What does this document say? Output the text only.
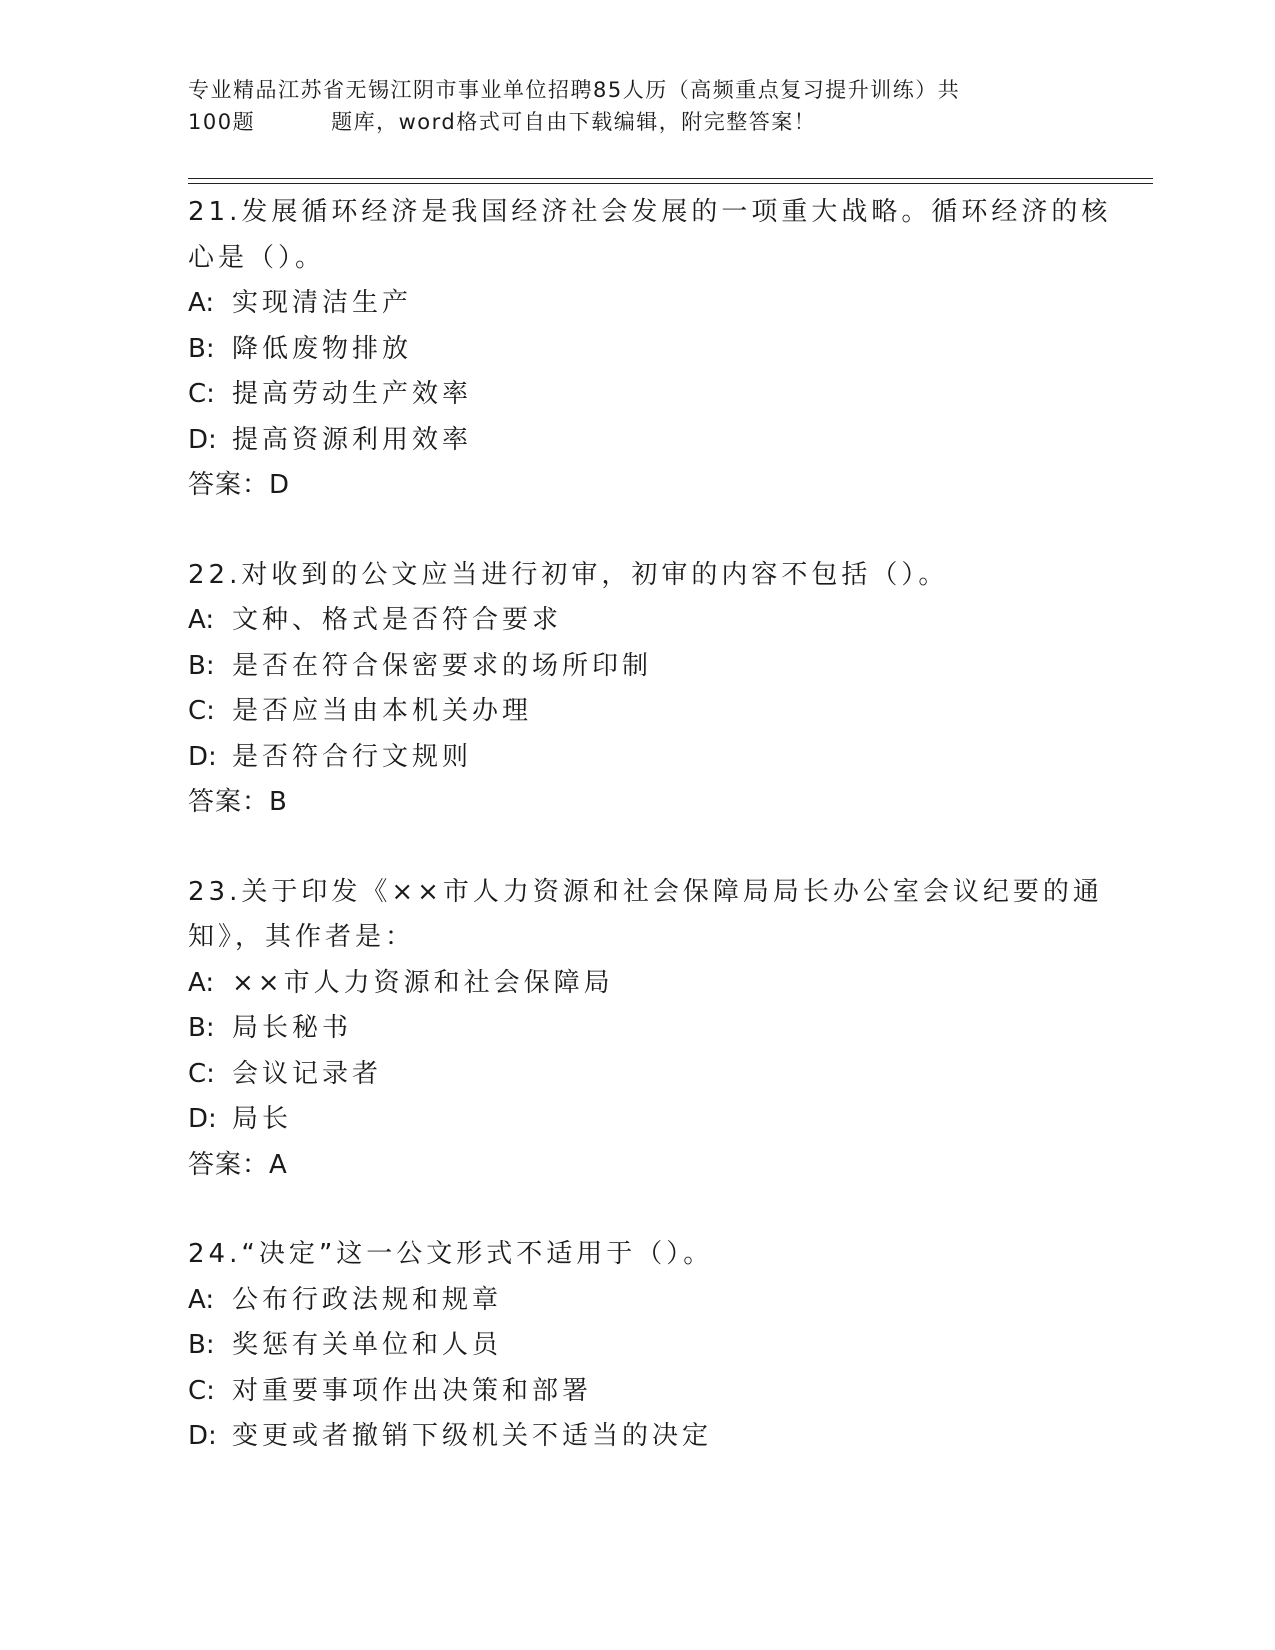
专业精品江苏省无锡江阴市事业单位招聘85人历（高频重点复习提升训练）共
100题	题库，word格式可自由下载编辑，附完整答案！
21.发展循环经济是我国经济社会发展的一项重大战略。循环经济的核
心是（）。
A: 实现清洁生产
B: 降低废物排放
C: 提高劳动生产效率
D: 提高资源利用效率
答案：D
22.对收到的公文应当进行初审，初审的内容不包括（）。
A: 文种、格式是否符合要求
B: 是否在符合保密要求的场所印制
C: 是否应当由本机关办理
D: 是否符合行文规则
答案：B
23.关于印发《××市人力资源和社会保障局局长办公室会议纪要的通
知》，其作者是：
A: ××市人力资源和社会保障局
B: 局长秘书
C: 会议记录者
D: 局长
答案：A
24.“决定”这一公文形式不适用于（）。
A: 公布行政法规和规章
B: 奖惩有关单位和人员
C: 对重要事项作出决策和部署
D: 变更或者撤销下级机关不适当的决定
